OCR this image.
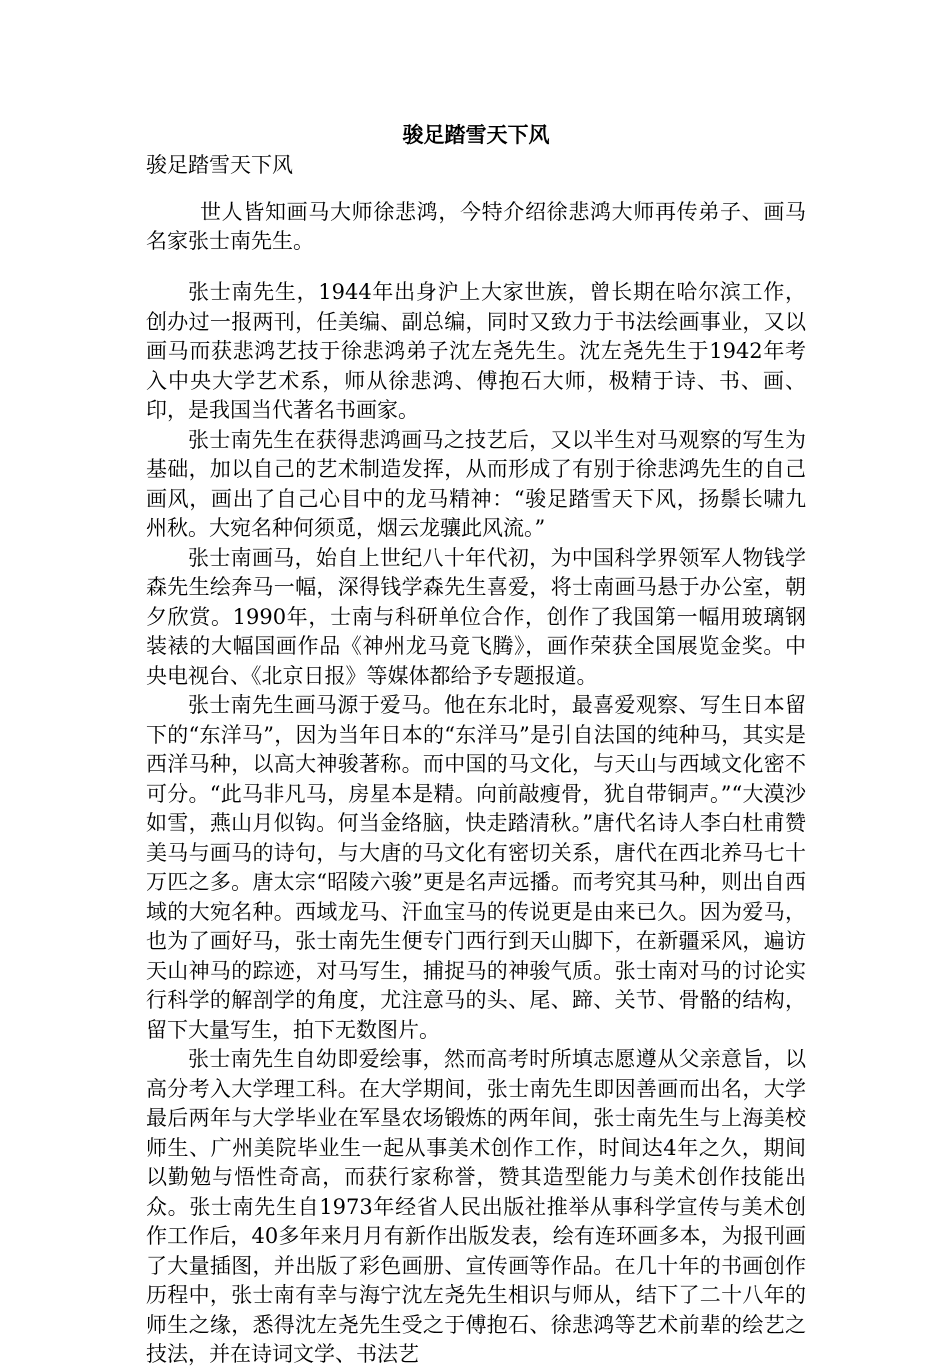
骏足踏雪天下风

骏足踏雪天下风

世人皆知画马大师徐悲鸿，今特介绍徐悲鸿大师再传弟子、画马名家张士南先生。

张士南先生，1944年出身沪上大家世族，曾长期在哈尔滨工作，创办过一报两刊，任美编、副总编，同时又致力于书法绘画事业，又以画马而获悲鸿艺技于徐悲鸿弟子沈左尧先生。沈左尧先生于1942年考入中央大学艺术系，师从徐悲鸿、傅抱石大师，极精于诗、书、画、印，是我国当代著名书画家。

张士南先生在获得悲鸿画马之技艺后，又以半生对马观察的写生为基础，加以自己的艺术制造发挥，从而形成了有别于徐悲鸿先生的自己画风，画出了自己心目中的龙马精神：“骏足踏雪天下风，扬鬃长啸九州秋。大宛名种何须觅，烟云龙骧此风流。”

张士南画马，始自上世纪八十年代初，为中国科学界领军人物钱学森先生绘奔马一幅，深得钱学森先生喜爱，将士南画马悬于办公室，朝夕欣赏。1990年，士南与科研单位合作，创作了我国第一幅用玻璃钢装裱的大幅国画作品《神州龙马竟飞腾》，画作荣获全国展览金奖。中央电视台、《北京日报》等媒体都给予专题报道。

张士南先生画马源于爱马。他在东北时，最喜爱观察、写生日本留下的“东洋马”，因为当年日本的“东洋马”是引自法国的纯种马，其实是西洋马种，以高大神骏著称。而中国的马文化，与天山与西域文化密不可分。“此马非凡马，房星本是精。向前敲瘦骨，犹自带铜声。”“大漠沙如雪，燕山月似钩。何当金络脑，快走踏清秋。”唐代名诗人李白杜甫赞美马与画马的诗句，与大唐的马文化有密切关系，唐代在西北养马七十万匹之多。唐太宗“昭陵六骏”更是名声远播。而考究其马种，则出自西域的大宛名种。西域龙马、汗血宝马的传说更是由来已久。因为爱马，也为了画好马，张士南先生便专门西行到天山脚下，在新疆采风，遍访天山神马的踪迹，对马写生，捕捉马的神骏气质。张士南对马的讨论实行科学的解剖学的角度，尤注意马的头、尾、蹄、关节、骨骼的结构，留下大量写生，拍下无数图片。

张士南先生自幼即爱绘事，然而高考时所填志愿遵从父亲意旨，以高分考入大学理工科。在大学期间，张士南先生即因善画而出名，大学最后两年与大学毕业在军垦农场锻炼的两年间，张士南先生与上海美校师生、广州美院毕业生一起从事美术创作工作，时间达4年之久，期间以勤勉与悟性奇高，而获行家称誉，赞其造型能力与美术创作技能出众。张士南先生自1973年经省人民出版社推举从事科学宣传与美术创作工作后，40多年来月月有新作出版发表，绘有连环画多本，为报刊画了大量插图，并出版了彩色画册、宣传画等作品。在几十年的书画创作历程中，张士南有幸与海宁沈左尧先生相识与师从，结下了二十八年的师生之缘，悉得沈左尧先生受之于傅抱石、徐悲鸿等艺术前辈的绘艺之技法，并在诗词文学、书法艺
